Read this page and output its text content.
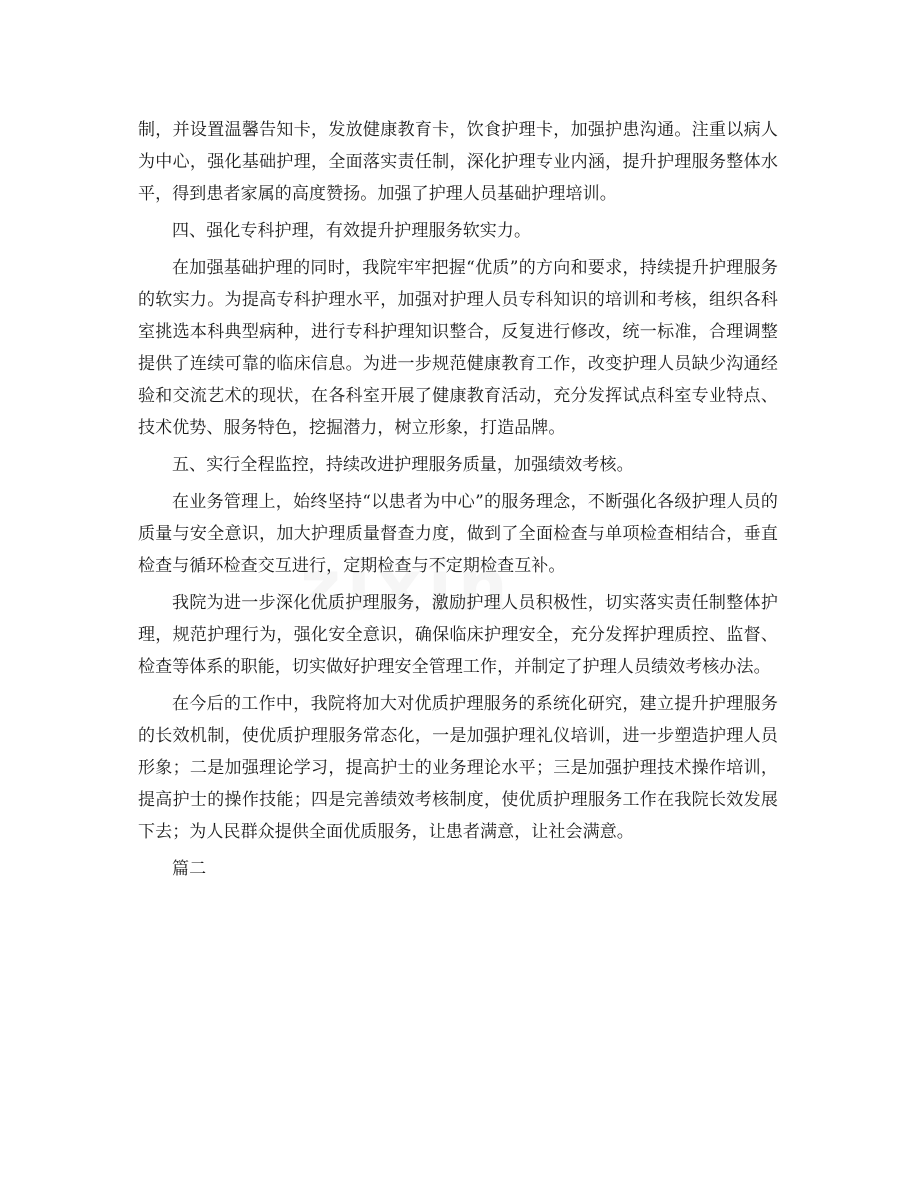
制，并设置温馨告知卡，发放健康教育卡，饮食护理卡，加强护患沟通。注重以病人为中心，强化基础护理，全面落实责任制，深化护理专业内涵，提升护理服务整体水平，得到患者家属的高度赞扬。加强了护理人员基础护理培训。

四、强化专科护理，有效提升护理服务软实力。

在加强基础护理的同时，我院牢牢把握“优质”的方向和要求，持续提升护理服务的软实力。为提高专科护理水平，加强对护理人员专科知识的培训和考核，组织各科室挑选本科典型病种，进行专科护理知识整合，反复进行修改，统一标准，合理调整提供了连续可靠的临床信息。为进一步规范健康教育工作，改变护理人员缺少沟通经验和交流艺术的现状，在各科室开展了健康教育活动，充分发挥试点科室专业特点、技术优势、服务特色，挖掘潜力，树立形象，打造品牌。

五、实行全程监控，持续改进护理服务质量，加强绩效考核。

在业务管理上，始终坚持“以患者为中心”的服务理念，不断强化各级护理人员的质量与安全意识，加大护理质量督查力度，做到了全面检查与单项检查相结合，垂直检查与循环检查交互进行，定期检查与不定期检查互补。

我院为进一步深化优质护理服务，激励护理人员积极性，切实落实责任制整体护理，规范护理行为，强化安全意识，确保临床护理安全，充分发挥护理质控、监督、检查等体系的职能，切实做好护理安全管理工作，并制定了护理人员绩效考核办法。

在今后的工作中，我院将加大对优质护理服务的系统化研究，建立提升护理服务的长效机制，使优质护理服务常态化，一是加强护理礼仪培训，进一步塑造护理人员形象；二是加强理论学习，提高护士的业务理论水平；三是加强护理技术操作培训，提高护士的操作技能；四是完善绩效考核制度，使优质护理服务工作在我院长效发展下去；为人民群众提供全面优质服务，让患者满意，让社会满意。

篇二
